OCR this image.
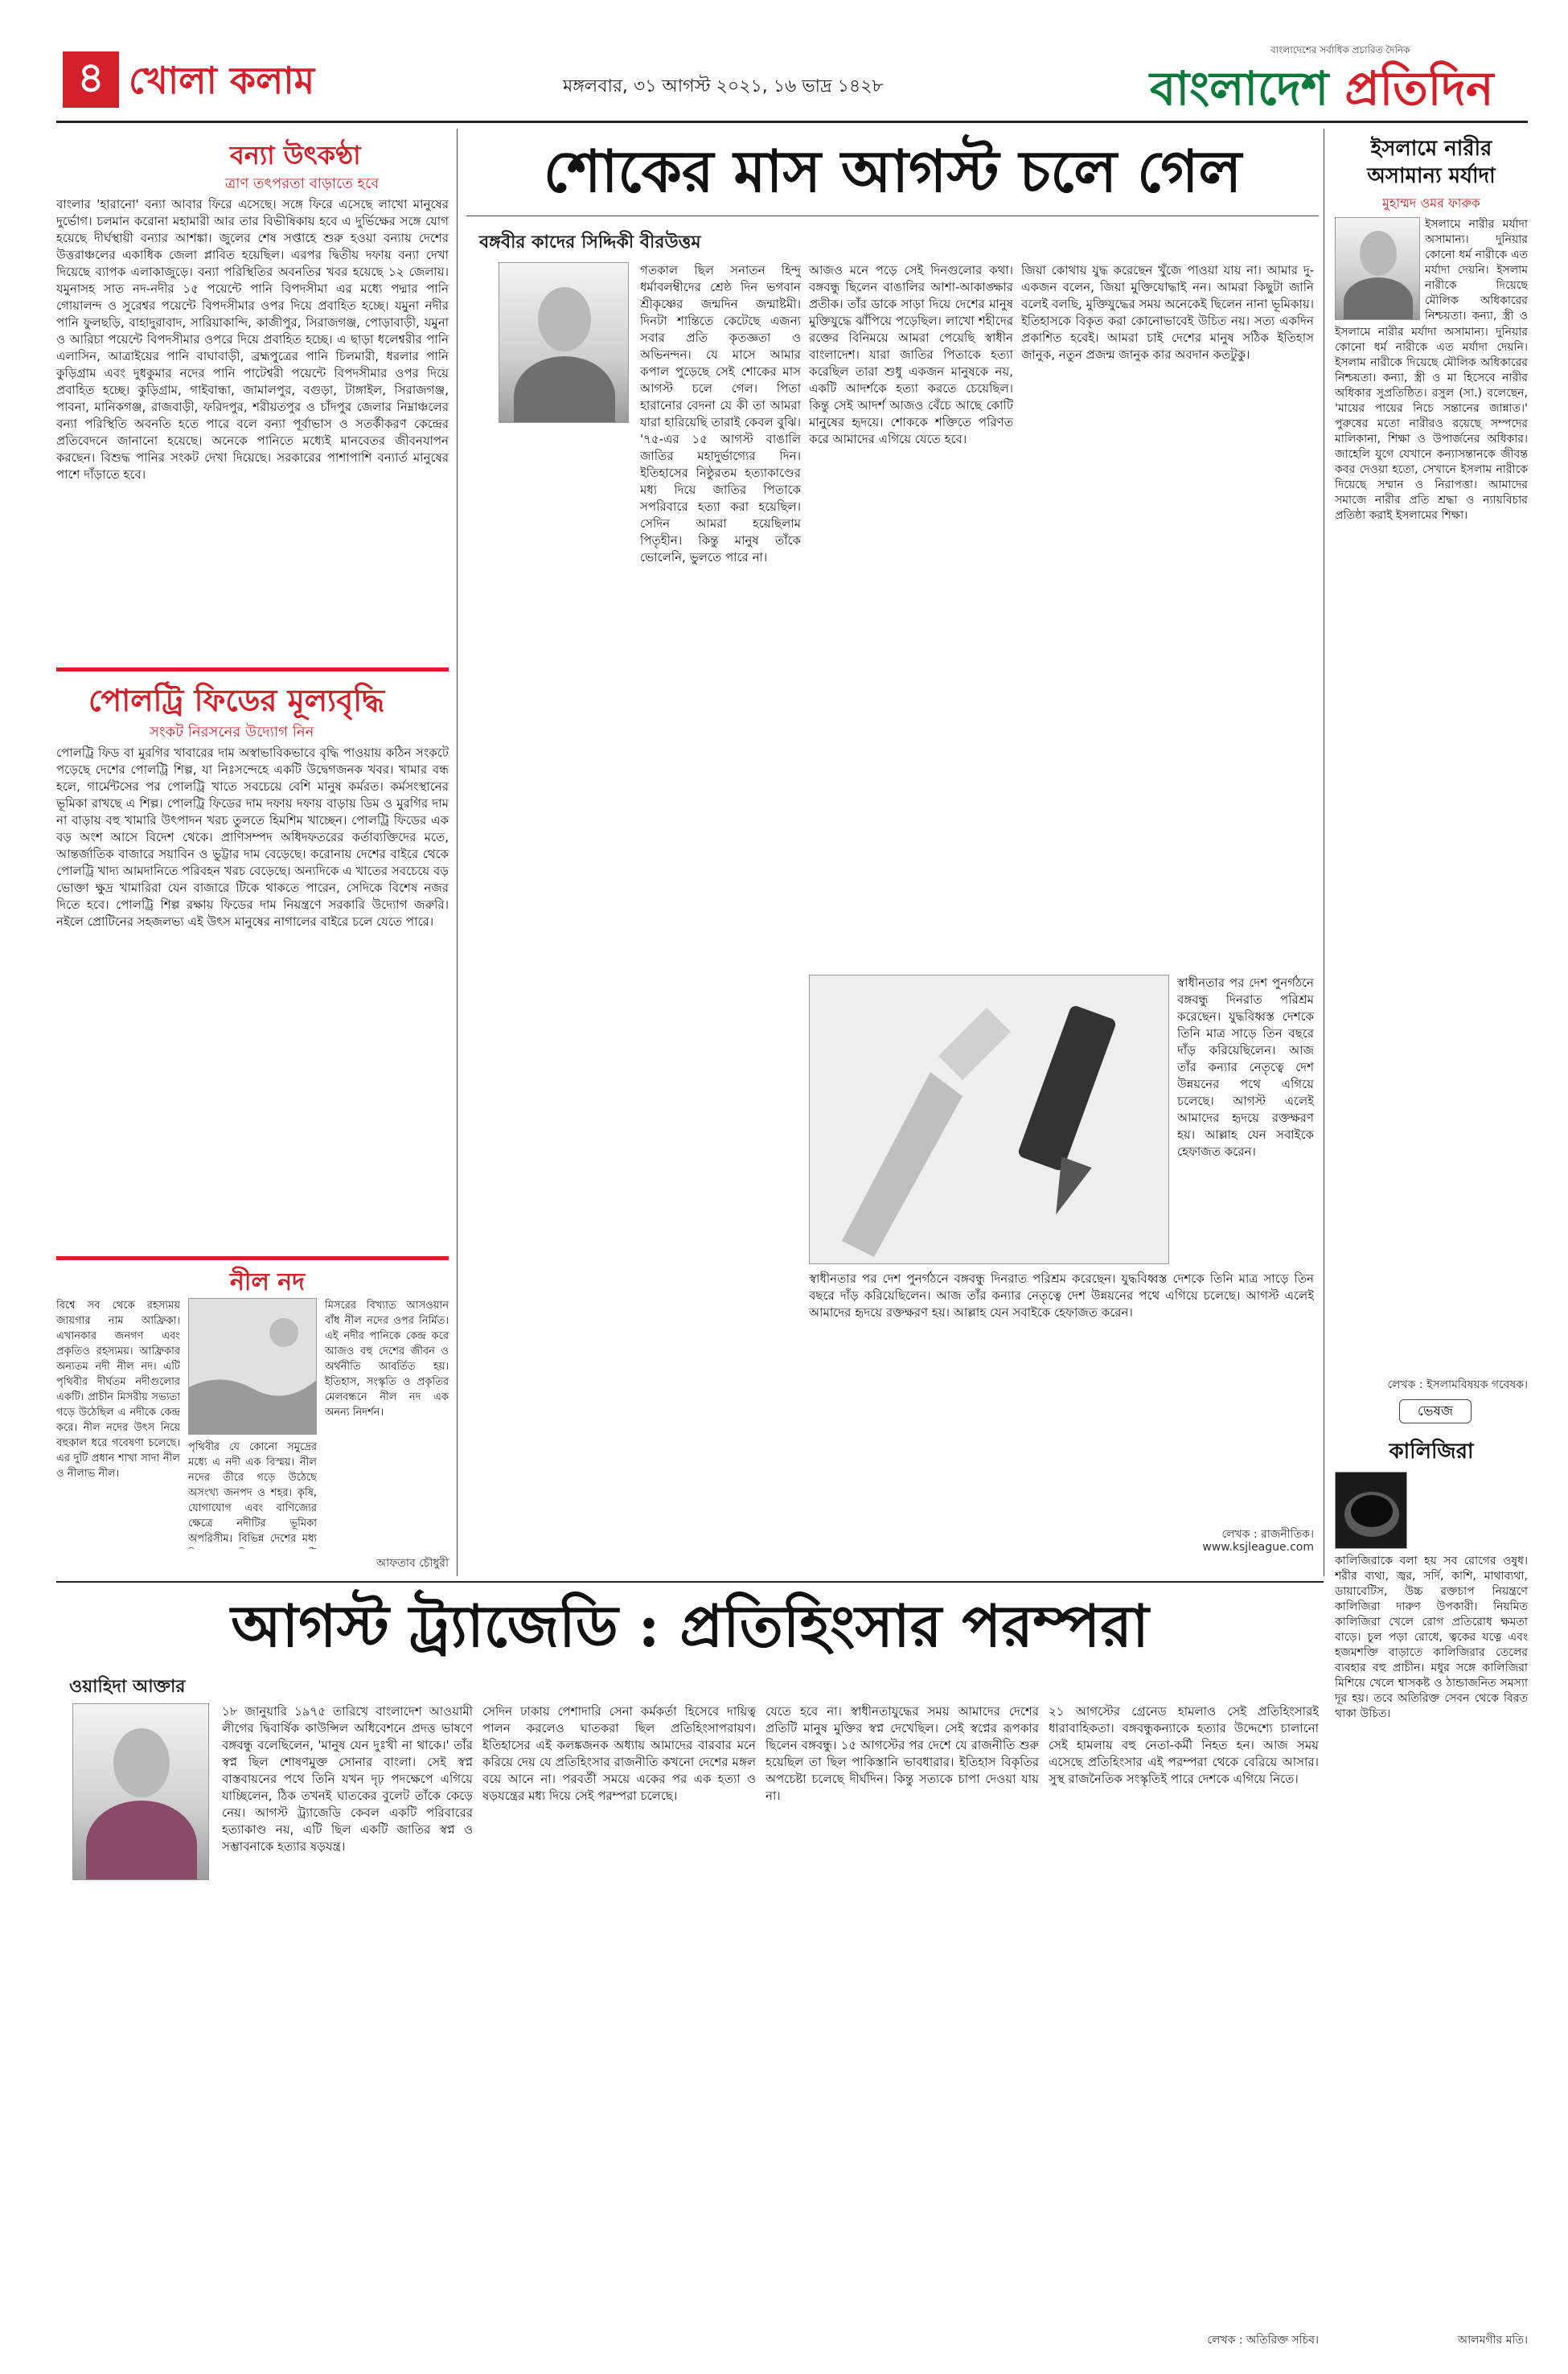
৪ খোলা কলাম	মঙ্গলবার, ৩১ আগস্ট ২০২১, ১৬ ভাদ্র ১৪২৮
বাংলাদেশের সর্বাধিক প্রচারিত দৈনিক
বাংলাদেশ প্রতিদিন
বন্যা উৎকণ্ঠা
ত্রাণ তৎপরতা বাড়াতে হবে
বাংলার 'হারানো' বন্যা আবার ফিরে এসেছে। সঙ্গে ফিরে এসেছে লাখো মানুষের দুর্ভোগ। চলমান করোনা মহামারী আর তার বিভীষিকায় হবে এ দুর্ভিক্ষের সঙ্গে যোগ হয়েছে দীর্ঘস্থায়ী বন্যার আশঙ্কা। জুলের শেষ সপ্তাহে শুরু হওয়া বন্যায় দেশের উত্তরাঞ্চলের একাধিক জেলা প্লাবিত হয়েছিল। এরপর দ্বিতীয় দফায় বন্যা দেখা দিয়েছে ব্যাপক এলাকাজুড়ে। বন্যা পরিস্থিতির অবনতির খবর হয়েছে ১২ জেলায়। যমুনাসহ সাত নদ-নদীর ১৫ পয়েন্টে পানি বিপদসীমা এর মধ্যে পদ্মার পানি গোয়ালন্দ ও সুরেশ্বর পয়েন্টে বিপদসীমার ওপর দিয়ে প্রবাহিত হচ্ছে। যমুনা নদীর পানি ফুলছড়ি, বাহাদুরাবাদ, সারিয়াকান্দি, কাজীপুর, সিরাজগঞ্জ, পোড়াবাড়ী, যমুনা ও আরিচা পয়েন্টে বিপদসীমার ওপরে দিয়ে প্রবাহিত হচ্ছে। এ ছাড়া ধলেশ্বরীর পানি এলাসিন, আত্রাইয়ের পানি বাঘাবাড়ী, ব্রহ্মপুত্রের পানি চিলমারী, ধরলার পানি কুড়িগ্রাম এবং দুধকুমার নদের পানি পাটেশ্বরী পয়েন্টে বিপদসীমার ওপর দিয়ে প্রবাহিত হচ্ছে। কুড়িগ্রাম, গাইবান্ধা, জামালপুর, বগুড়া, টাঙ্গাইল, সিরাজগঞ্জ, পাবনা, মানিকগঞ্জ, রাজবাড়ী, ফরিদপুর, শরীয়তপুর ও চাঁদপুর জেলার নিম্নাঞ্চলের বন্যা পরিস্থিতি অবনতি হতে পারে বলে বন্যা পূর্বাভাস ও সতর্কীকরণ কেন্দ্রের প্রতিবেদনে জানানো হয়েছে। অনেকে পানিতে মধ্যেই মানবেতর জীবনযাপন করছেন। বিশুদ্ধ পানির সংকট দেখা দিয়েছে। সরকারের পাশাপাশি বন্যার্ত মানুষের পাশে দাঁড়াতে হবে।
পোলট্রি ফিডের মূল্যবৃদ্ধি
সংকট নিরসনের উদ্যোগ নিন
পোলট্রি ফিড বা মুরগির খাবারের দাম অস্বাভাবিকভাবে বৃদ্ধি পাওয়ায় কঠিন সংকটে পড়েছে দেশের পোলট্রি শিল্প, যা নিঃসন্দেহে একটি উদ্বেগজনক খবর। খামার বন্ধ হলে, গার্মেন্টসের পর পোলট্রি খাতে সবচেয়ে বেশি মানুষ কর্মরত। কর্মসংস্থানের ভূমিকা রাখছে এ শিল্প। পোলট্রি ফিডের দাম দফায় দফায় বাড়ায় ডিম ও মুরগির দাম না বাড়ায় বহু খামারি উৎপাদন খরচ তুলতে হিমশিম খাচ্ছেন। পোলট্রি ফিডের এক বড় অংশ আসে বিদেশ থেকে। প্রাণিসম্পদ অধিদফতরের কর্তাব্যক্তিদের মতে, আন্তর্জাতিক বাজারে সয়াবিন ও ভুট্টার দাম বেড়েছে। করোনায় দেশের বাইরে থেকে পোলট্রি খাদ্য আমদানিতে পরিবহন খরচ বেড়েছে। অন্যদিকে এ খাতের সবচেয়ে বড় ভোক্তা ক্ষুদ্র খামারিরা যেন বাজারে টিকে থাকতে পারেন, সেদিকে বিশেষ নজর দিতে হবে। পোলট্রি শিল্প রক্ষায় ফিডের দাম নিয়ন্ত্রণে সরকারি উদ্যোগ জরুরি। নইলে প্রোটিনের সহজলভ্য এই উৎস মানুষের নাগালের বাইরে চলে যেতে পারে।
নীল নদ
বিশ্বে সব থেকে রহস্যময় জায়গার নাম আফ্রিকা। এখানকার জনগণ এবং প্রকৃতিও রহস্যময়। আফ্রিকার অন্যতম নদী নীল নদ। এটি পৃথিবীর দীর্ঘতম নদীগুলোর একটি। প্রাচীন মিসরীয় সভ্যতা গড়ে উঠেছিল এ নদীকে কেন্দ্র করে। নীল নদের উৎস নিয়ে বহুকাল ধরে গবেষণা চলেছে। এর দুটি প্রধান শাখা সাদা নীল ও নীলাভ নীল।
পৃথিবীর যে কোনো সমুদ্রের মধ্যে এ নদী এক বিস্ময়। নীল নদের তীরে গড়ে উঠেছে অসংখ্য জনপদ ও শহর। কৃষি, যোগাযোগ এবং বাণিজ্যের ক্ষেত্রে নদীটির ভূমিকা অপরিসীম। বিভিন্ন দেশের মধ্য
মিসরের বিখ্যাত আসওয়ান বাঁধ নীল নদের ওপর নির্মিত। এই নদীর পানিকে কেন্দ্র করে আজও বহু দেশের জীবন ও অর্থনীতি আবর্তিত হয়। ইতিহাস, সংস্কৃতি ও প্রকৃতির মেলবন্ধনে নীল নদ এক অনন্য নিদর্শন।
আফতাব চৌধুরী
শোকের মাস আগস্ট চলে গেল
বঙ্গবীর কাদের সিদ্দিকী বীরউত্তম
গতকাল ছিল সনাতন হিন্দু ধর্মাবলম্বীদের শ্রেষ্ঠ দিন ভগবান শ্রীকৃষ্ণের জন্মদিন জন্মাষ্টমী। দিনটা শান্তিতে কেটেছে এজন্য সবার প্রতি কৃতজ্ঞতা ও অভিনন্দন। যে মাসে আমার কপাল পুড়েছে সেই শোকের মাস আগস্ট চলে গেল। পিতা হারানোর বেদনা যে কী তা আমরা যারা হারিয়েছি তারাই কেবল বুঝি। '৭৫-এর ১৫ আগস্ট বাঙালি জাতির মহাদুর্ভাগ্যের দিন। ইতিহাসের নিষ্ঠুরতম হত্যাকাণ্ডের মধ্য দিয়ে জাতির পিতাকে সপরিবারে হত্যা করা হয়েছিল। সেদিন আমরা হয়েছিলাম পিতৃহীন। কিন্তু মানুষ তাঁকে ভোলেনি, ভুলতে পারে না।
আজও মনে পড়ে সেই দিনগুলোর কথা। বঙ্গবন্ধু ছিলেন বাঙালির আশা-আকাঙ্ক্ষার প্রতীক। তাঁর ডাকে সাড়া দিয়ে দেশের মানুষ মুক্তিযুদ্ধে ঝাঁপিয়ে পড়েছিল। লাখো শহীদের রক্তের বিনিময়ে আমরা পেয়েছি স্বাধীন বাংলাদেশ। যারা জাতির পিতাকে হত্যা করেছিল তারা শুধু একজন মানুষকে নয়, একটি আদর্শকে হত্যা করতে চেয়েছিল। কিন্তু সেই আদর্শ আজও বেঁচে আছে কোটি মানুষের হৃদয়ে। শোককে শক্তিতে পরিণত করে আমাদের এগিয়ে যেতে হবে।
জিয়া কোথায় যুদ্ধ করেছেন খুঁজে পাওয়া যায় না। আমার দু-একজন বলেন, জিয়া মুক্তিযোদ্ধাই নন। আমরা কিছুটা জানি বলেই বলছি, মুক্তিযুদ্ধের সময় অনেকেই ছিলেন নানা ভূমিকায়। ইতিহাসকে বিকৃত করা কোনোভাবেই উচিত নয়। সত্য একদিন প্রকাশিত হবেই। আমরা চাই দেশের মানুষ সঠিক ইতিহাস জানুক, নতুন প্রজন্ম জানুক কার অবদান কতটুকু।
স্বাধীনতার পর দেশ পুনর্গঠনে বঙ্গবন্ধু দিনরাত পরিশ্রম করেছেন। যুদ্ধবিধ্বস্ত দেশকে তিনি মাত্র সাড়ে তিন বছরে দাঁড় করিয়েছিলেন। আজ তাঁর কন্যার নেতৃত্বে দেশ উন্নয়নের পথে এগিয়ে চলেছে। আগস্ট এলেই আমাদের হৃদয়ে রক্তক্ষরণ হয়। আল্লাহ যেন সবাইকে হেফাজত করেন।
স্বাধীনতার পর দেশ পুনর্গঠনে বঙ্গবন্ধু দিনরাত পরিশ্রম করেছেন। যুদ্ধবিধ্বস্ত দেশকে তিনি মাত্র সাড়ে তিন বছরে দাঁড় করিয়েছিলেন। আজ তাঁর কন্যার নেতৃত্বে দেশ উন্নয়নের পথে এগিয়ে চলেছে। আগস্ট এলেই আমাদের হৃদয়ে রক্তক্ষরণ হয়। আল্লাহ যেন সবাইকে হেফাজত করেন।
লেখক : রাজনীতিক।
www.ksjleague.com
ইসলামে নারীর
অসামান্য মর্যাদা
মুহাম্মদ ওমর ফারুক
ইসলামে নারীর মর্যাদা অসামান্য। দুনিয়ার কোনো ধর্ম নারীকে এত মর্যাদা দেয়নি। ইসলাম নারীকে দিয়েছে মৌলিক অধিকারের নিশ্চয়তা। কন্যা, স্ত্রী ও
ইসলামে নারীর মর্যাদা অসামান্য। দুনিয়ার কোনো ধর্ম নারীকে এত মর্যাদা দেয়নি। ইসলাম নারীকে দিয়েছে মৌলিক অধিকারের নিশ্চয়তা। কন্যা, স্ত্রী ও মা হিসেবে নারীর অধিকার সুপ্রতিষ্ঠিত। রসুল (সা.) বলেছেন, 'মায়ের পায়ের নিচে সন্তানের জান্নাত।' পুরুষের মতো নারীরও রয়েছে সম্পদের মালিকানা, শিক্ষা ও উপার্জনের অধিকার। জাহেলি যুগে যেখানে কন্যাসন্তানকে জীবন্ত কবর দেওয়া হতো, সেখানে ইসলাম নারীকে দিয়েছে সম্মান ও নিরাপত্তা। আমাদের সমাজে নারীর প্রতি শ্রদ্ধা ও ন্যায়বিচার প্রতিষ্ঠা করাই ইসলামের শিক্ষা।
লেখক : ইসলামবিষয়ক গবেষক।
ভেষজ
কালিজিরা
কালিজিরাকে বলা হয় সব রোগের ওষুধ। শরীর ব্যথা, জ্বর, সর্দি, কাশি, মাথাব্যথা, ডায়াবেটিস, উচ্চ রক্তচাপ নিয়ন্ত্রণে কালিজিরা দারুণ উপকারী। নিয়মিত কালিজিরা খেলে রোগ প্রতিরোধ ক্ষমতা বাড়ে। চুল পড়া রোধে, ত্বকের যত্নে এবং হজমশক্তি বাড়াতে কালিজিরার তেলের ব্যবহার বহু প্রাচীন। মধুর সঙ্গে কালিজিরা মিশিয়ে খেলে শ্বাসকষ্ট ও ঠান্ডাজনিত সমস্যা দূর হয়। তবে অতিরিক্ত সেবন থেকে বিরত থাকা উচিত।
আলমগীর মতি।
আগস্ট ট্র্যাজেডি : প্রতিহিংসার পরম্পরা
ওয়াহিদা আক্তার
১৮ জানুয়ারি ১৯৭৫ তারিখে বাংলাদেশ আওয়ামী লীগের দ্বিবার্ষিক কাউন্সিল অধিবেশনে প্রদত্ত ভাষণে বঙ্গবন্ধু বলেছিলেন, 'মানুষ যেন দুঃখী না থাকে।' তাঁর স্বপ্ন ছিল শোষণমুক্ত সোনার বাংলা। সেই স্বপ্ন বাস্তবায়নের পথে তিনি যখন দৃঢ় পদক্ষেপে এগিয়ে যাচ্ছিলেন, ঠিক তখনই ঘাতকের বুলেট তাঁকে কেড়ে নেয়। আগস্ট ট্র্যাজেডি কেবল একটি পরিবারের হত্যাকাণ্ড নয়, এটি ছিল একটি জাতির স্বপ্ন ও সম্ভাবনাকে হত্যার ষড়যন্ত্র।
সেদিন ঢাকায় পেশাদারি সেনা কর্মকর্তা হিসেবে দায়িত্ব পালন করলেও ঘাতকরা ছিল প্রতিহিংসাপরায়ণ। ইতিহাসের এই কলঙ্কজনক অধ্যায় আমাদের বারবার মনে করিয়ে দেয় যে প্রতিহিংসার রাজনীতি কখনো দেশের মঙ্গল বয়ে আনে না। পরবর্তী সময়ে একের পর এক হত্যা ও ষড়যন্ত্রের মধ্য দিয়ে সেই পরম্পরা চলেছে।
যেতে হবে না। স্বাধীনতাযুদ্ধের সময় আমাদের দেশের প্রতিটি মানুষ মুক্তির স্বপ্ন দেখেছিল। সেই স্বপ্নের রূপকার ছিলেন বঙ্গবন্ধু। ১৫ আগস্টের পর দেশে যে রাজনীতি শুরু হয়েছিল তা ছিল পাকিস্তানি ভাবধারার। ইতিহাস বিকৃতির অপচেষ্টা চলেছে দীর্ঘদিন। কিন্তু সত্যকে চাপা দেওয়া যায় না।
২১ আগস্টের গ্রেনেড হামলাও সেই প্রতিহিংসারই ধারাবাহিকতা। বঙ্গবন্ধুকন্যাকে হত্যার উদ্দেশ্যে চালানো সেই হামলায় বহু নেতা-কর্মী নিহত হন। আজ সময় এসেছে প্রতিহিংসার এই পরম্পরা থেকে বেরিয়ে আসার। সুস্থ রাজনৈতিক সংস্কৃতিই পারে দেশকে এগিয়ে নিতে।
লেখক : অতিরিক্ত সচিব।
